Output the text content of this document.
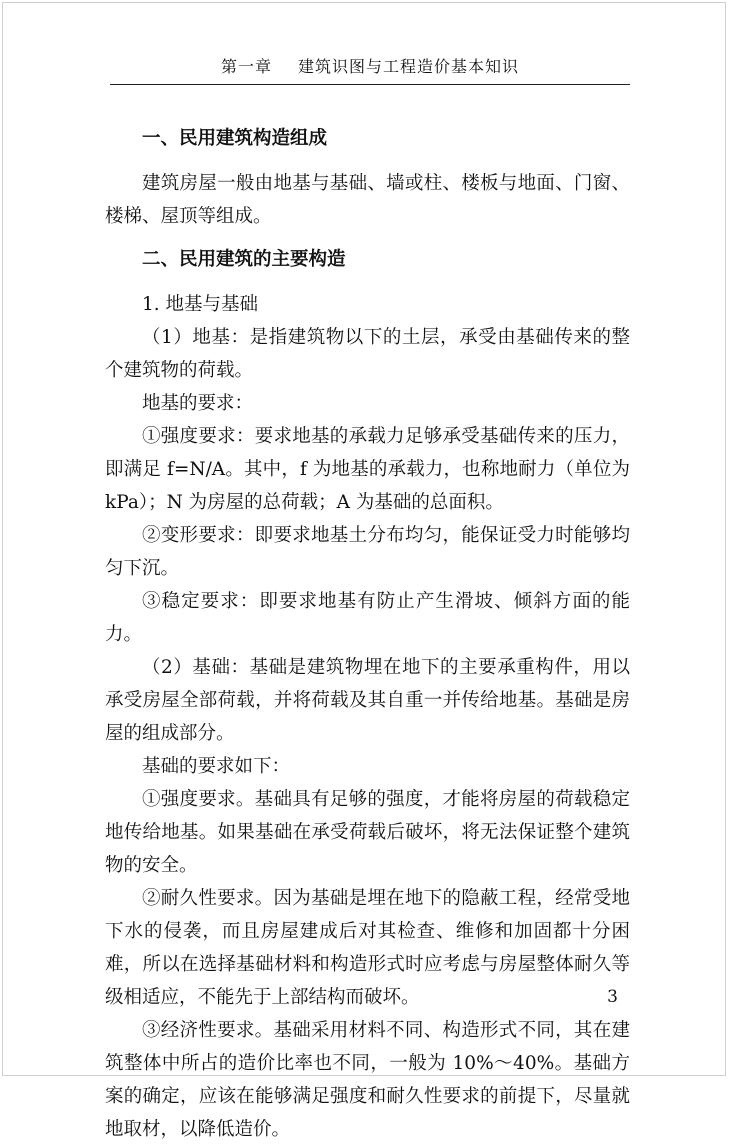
第一章 建筑识图与工程造价基本知识

一、民用建筑构造组成

建筑房屋一般由地基与基础、墙或柱、楼板与地面、门窗、楼梯、屋顶等组成。

二、民用建筑的主要构造

1. 地基与基础

（1）地基：是指建筑物以下的土层，承受由基础传来的整个建筑物的荷载。

地基的要求：

①强度要求：要求地基的承载力足够承受基础传来的压力，即满足 f=N/A。其中，f 为地基的承载力，也称地耐力（单位为 kPa）；N 为房屋的总荷载；A 为基础的总面积。

②变形要求：即要求地基土分布均匀，能保证受力时能够均匀下沉。

③稳定要求：即要求地基有防止产生滑坡、倾斜方面的能力。

（2）基础：基础是建筑物埋在地下的主要承重构件，用以承受房屋全部荷载，并将荷载及其自重一并传给地基。基础是房屋的组成部分。

基础的要求如下：

①强度要求。基础具有足够的强度，才能将房屋的荷载稳定地传给地基。如果基础在承受荷载后破坏，将无法保证整个建筑物的安全。

②耐久性要求。因为基础是埋在地下的隐蔽工程，经常受地下水的侵袭，而且房屋建成后对其检查、维修和加固都十分困难，所以在选择基础材料和构造形式时应考虑与房屋整体耐久等级相适应，不能先于上部结构而破坏。

③经济性要求。基础采用材料不同、构造形式不同，其在建筑整体中所占的造价比率也不同，一般为 10%～40%。基础方案的确定，应该在能够满足强度和耐久性要求的前提下，尽量就地取材，以降低造价。

3
